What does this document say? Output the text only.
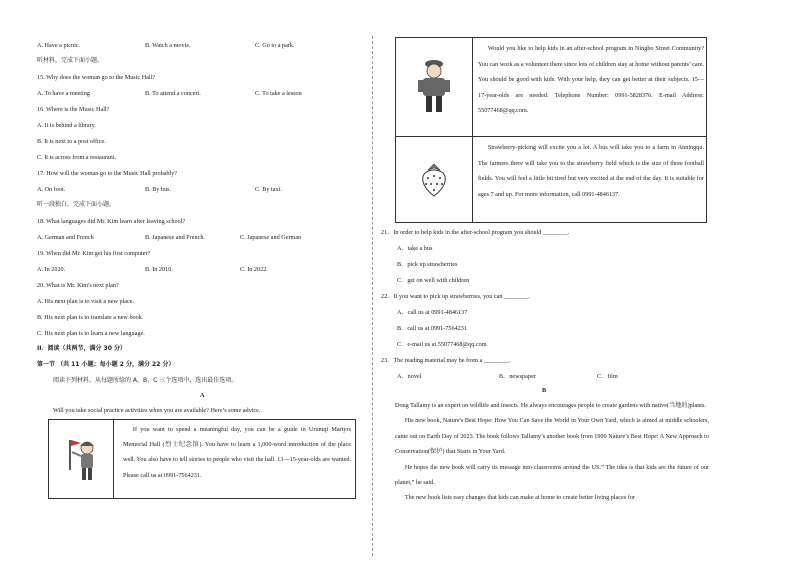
A. Have a picnic.	B. Watch a movie.	C. Go to a park.
听材料，完成下面小题。
15. Why does the woman go to the Music Hall?
A. To have a meeting	B. To attend a concert.	C. To take a lesson
16. Where is the Music Hall?
A. It is behind a library.
B. It is next to a post office.
C. It is across from a restaurant.
17. How will the woman go to the Music Hall probably?
A. On foot.	B. By bus.	C. By taxi.
听一段独白，完成下面小题。
18. What languages did Mr. Kim learn after leaving school?
A. German and French	B. Japanese and French.	C. Japanese and German
19. When did Mr. Kim get his first computer?
A. In 2020.	B. In 2010.	C. In 2022.
20. What is Mr. Kim's next plan?
A. His next plan is to visit a new place.
B. His next plan is to translate a new book.
C. His next plan is to learn a new language.
II．阅读（共两节，满分 30 分）
第一节 （共 11 小题；每小题 2 分，满分 22 分）
阅读下列材料，从每题所给的 A、B、C 三个选项中，选出最佳选项。
A
Will you take social practice activities when you are available? Here’s some advice.

If you want to spend a meaningful day, you can be a guide in Urumqi Martyrs Memorial Hall (烈士纪念馆). You have to learn a 1,000-word introduction of the place well. You also have to tell stories to people who visit the hall. 13—15-year-olds are wanted. Please call us at 0991-7564231.

Would you like to help kids in an after-school program in Ningbo Street Community? You can work as a volunteer there since lots of children stay at home without parents’ care. You should be good with kids. With your help, they can get better at their subjects. 15—17-year-olds are needed. Telephone Number: 0991-5828376. E-mail Address: 55077468@qq.com.

Strawberry-picking will excite you a lot. A bus will take you to a farm in Anningqu. The farmers there will take you to the strawberry field which is the size of three football fields. You will feel a little bit tired but very excited at the end of the day. It is suitable for ages 7 and up. For more information, call 0991-4846137.

21．In order to help kids in the after-school program you should ________.
A．take a bus
B．pick up strawberries
C．get on well with children
22．If you want to pick up strawberries, you can ________.
A．call us at 0991-4846137
B．call us at 0991-7564231
C．e-mail us at 55077468@qq.com
23．The reading material may be from a ________.
A．novel	B．newspaper	C．film
B

Doug Tallamy is an expert on wildlife and insects. He always encourages people to create gardens with native(当地的)plants.

His new book, Nature's Best Hope: How You Can Save the World in Your Own Yard, which is aimed at middle schoolers, came out on Earth Day of 2023. The book follows Tallamy’s another book from 1999 Nature’s Best Hope: A New Approach to Conservation(保护) that Starts in Your Yard.

He hopes the new book will carry its message into classrooms around the US.” The idea is that kids are the future of our planet,” he said.

The new book lists easy changes that kids can make at home to create better living places for
